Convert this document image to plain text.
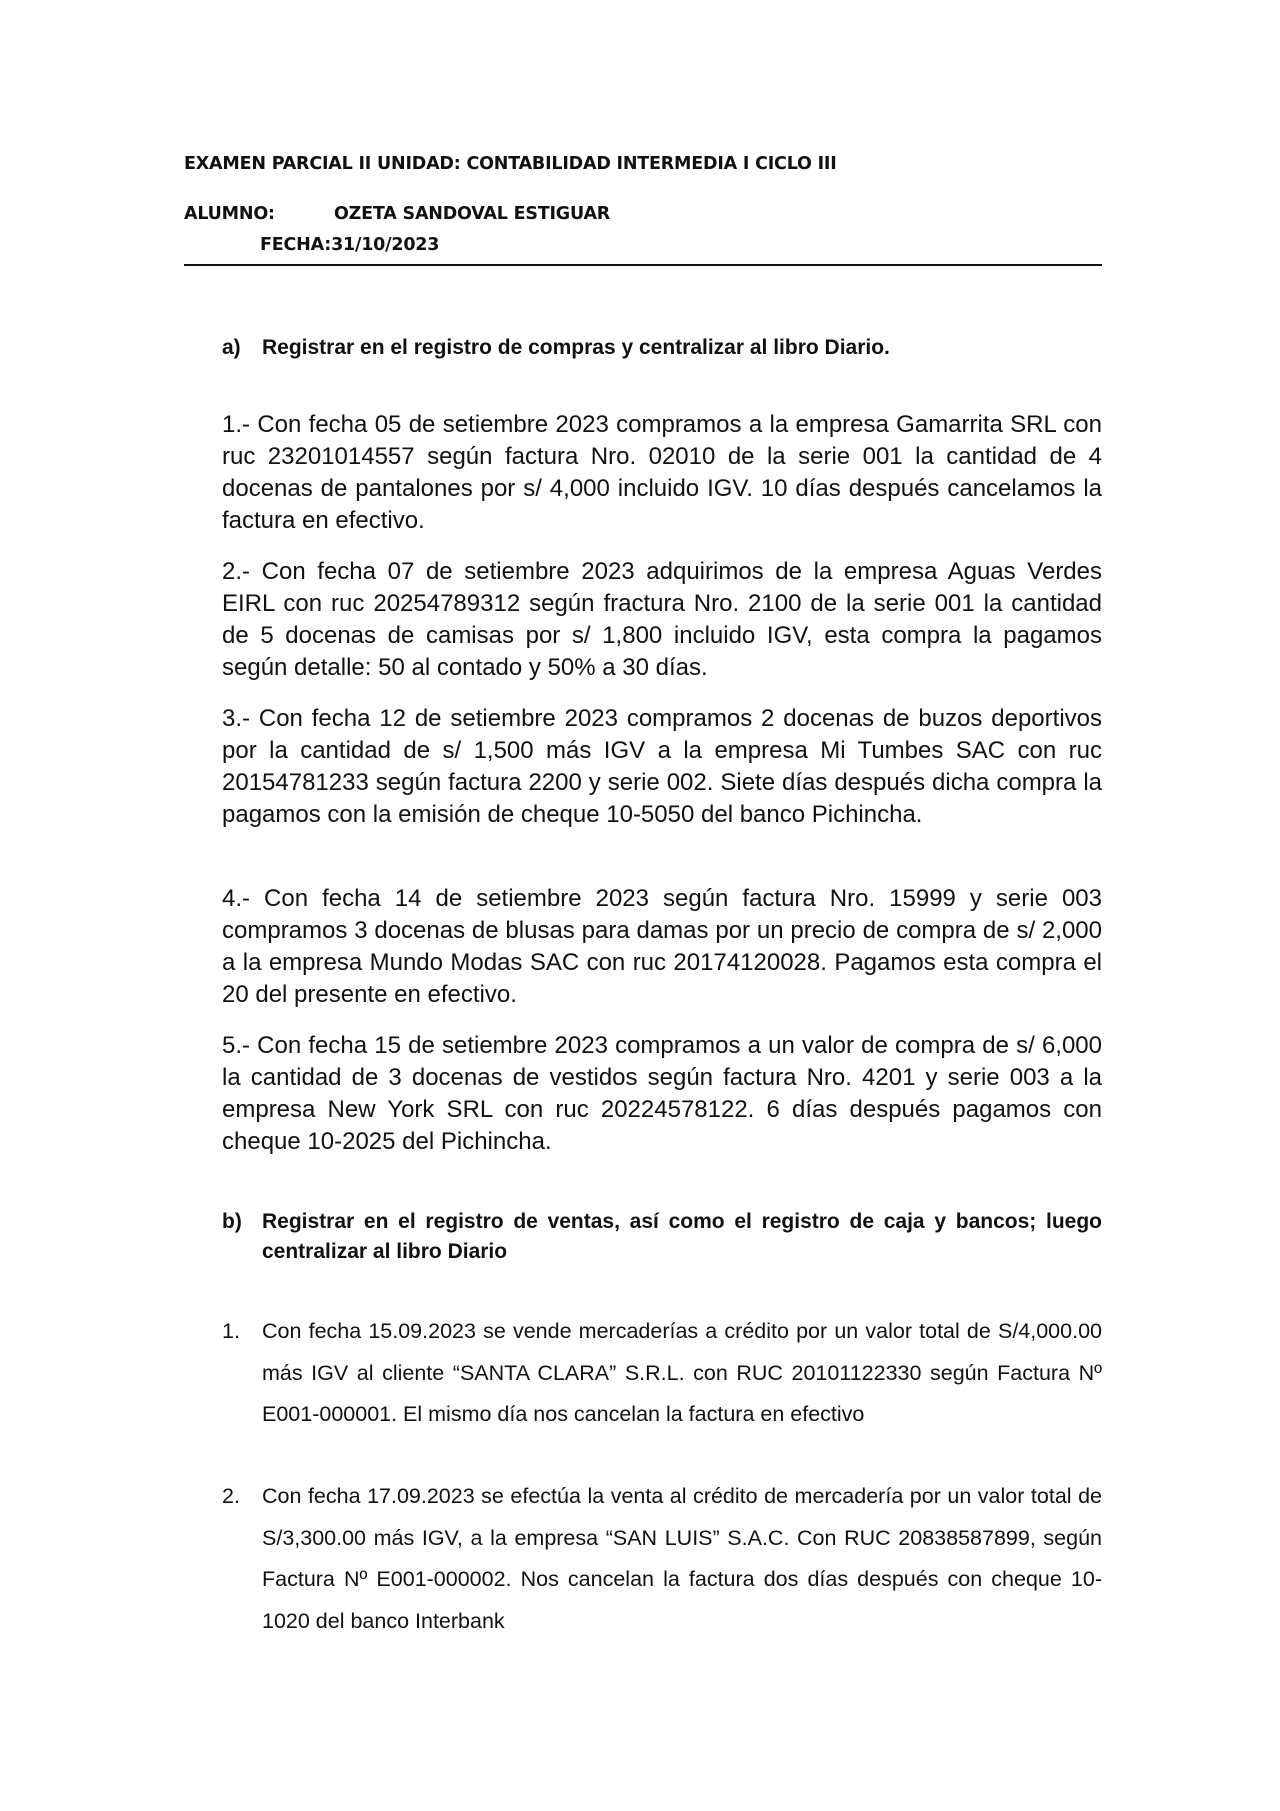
EXAMEN PARCIAL II UNIDAD: CONTABILIDAD INTERMEDIA I CICLO III
ALUMNO:	OZETA SANDOVAL ESTIGUAR
FECHA:31/10/2023
a)	Registrar en el registro de compras y centralizar al libro Diario.

1.- Con fecha 05 de setiembre 2023 compramos a la empresa Gamarrita SRL con ruc 23201014557 según factura Nro. 02010 de la serie 001 la cantidad de 4 docenas de pantalones por s/ 4,000 incluido IGV. 10 días después cancelamos la factura en efectivo.

2.- Con fecha 07 de setiembre 2023 adquirimos de la empresa Aguas Verdes EIRL con ruc 20254789312 según fractura Nro. 2100 de la serie 001 la cantidad de 5 docenas de camisas por s/ 1,800 incluido IGV, esta compra la pagamos según detalle: 50 al contado y 50% a 30 días.

3.- Con fecha 12 de setiembre 2023 compramos 2 docenas de buzos deportivos por la cantidad de s/ 1,500 más IGV a la empresa Mi Tumbes SAC con ruc 20154781233 según factura 2200 y serie 002. Siete días después dicha compra la pagamos con la emisión de cheque 10-5050 del banco Pichincha.

4.- Con fecha 14 de setiembre 2023 según factura Nro. 15999 y serie 003 compramos 3 docenas de blusas para damas por un precio de compra de s/ 2,000 a la empresa Mundo Modas SAC con ruc 20174120028. Pagamos esta compra el 20 del presente en efectivo.

5.- Con fecha 15 de setiembre 2023 compramos a un valor de compra de s/ 6,000 la cantidad de 3 docenas de vestidos según factura Nro. 4201 y serie 003 a la empresa New York SRL con ruc 20224578122. 6 días después pagamos con cheque 10-2025 del Pichincha.

b) Registrar en el registro de ventas, así como el registro de caja y bancos; luego centralizar al libro Diario
1.	Con fecha 15.09.2023 se vende mercaderías a crédito por un valor total de S/4,000.00 más IGV al cliente “SANTA CLARA” S.R.L. con RUC 20101122330 según Factura Nº E001-000001. El mismo día nos cancelan la factura en efectivo
2.	Con fecha 17.09.2023 se efectúa la venta al crédito de mercadería por un valor total de S/3,300.00 más IGV, a la empresa “SAN LUIS” S.A.C. Con RUC 20838587899, según Factura Nº E001-000002. Nos cancelan la factura dos días después con cheque 10-1020 del banco Interbank
